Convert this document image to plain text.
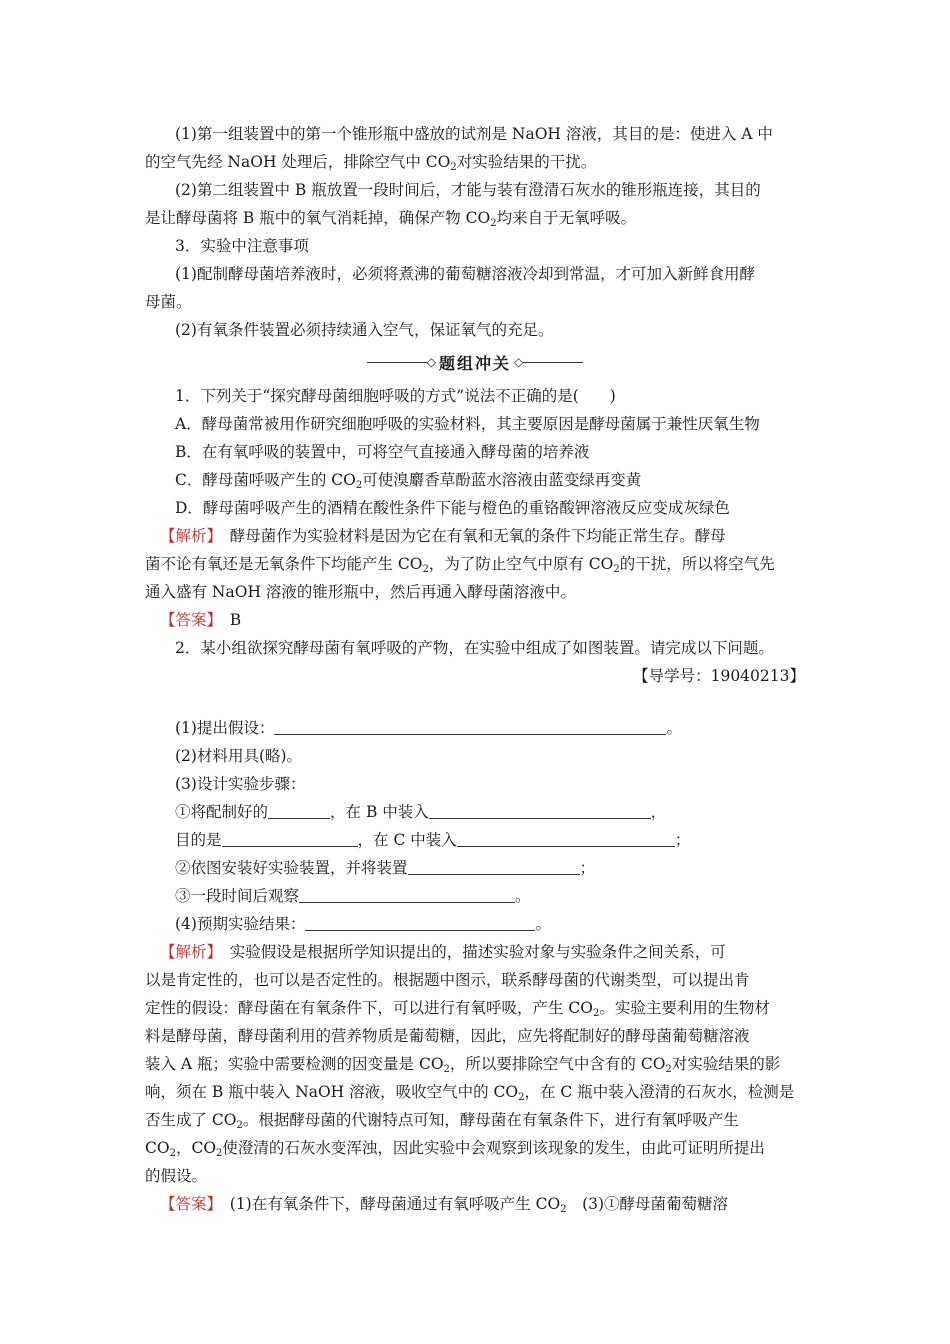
(1)第一组装置中的第一个锥形瓶中盛放的试剂是 NaOH 溶液，其目的是：使进入 A 中
的空气先经 NaOH 处理后，排除空气中 $CO_2$对实验结果的干扰。
(2)第二组装置中 B 瓶放置一段时间后，才能与装有澄清石灰水的锥形瓶连接，其目的
是让酵母菌将 B 瓶中的氧气消耗掉，确保产物 $CO_2$均来自于无氧呼吸。
3．实验中注意事项
(1)配制酵母菌培养液时，必须将煮沸的葡萄糖溶液冷却到常温，才可加入新鲜食用酵
母菌。
(2)有氧条件装置必须持续通入空气，保证氧气的充足。
◇ 题组冲关 ◇
1．下列关于“探究酵母菌细胞呼吸的方式”说法不正确的是(　　)
A．酵母菌常被用作研究细胞呼吸的实验材料，其主要原因是酵母菌属于兼性厌氧生物
B．在有氧呼吸的装置中，可将空气直接通入酵母菌的培养液
C．酵母菌呼吸产生的 $CO_2$可使溴麝香草酚蓝水溶液由蓝变绿再变黄
D．酵母菌呼吸产生的酒精在酸性条件下能与橙色的重铬酸钾溶液反应变成灰绿色
【解析】　酵母菌作为实验材料是因为它在有氧和无氧的条件下均能正常生存。酵母
菌不论有氧还是无氧条件下均能产生 $CO_2$，为了防止空气中原有 $CO_2$的干扰，所以将空气先
通入盛有 NaOH 溶液的锥形瓶中，然后再通入酵母菌溶液中。
【答案】　B
2．某小组欲探究酵母菌有氧呼吸的产物，在实验中组成了如图装置。请完成以下问题。
【导学号：19040213】
(1)提出假设：	。
(2)材料用具(略)。
(3)设计实验步骤：
①将配制好的	，在 B 中装入	，
目的是	，在 C 中装入	；
②依图安装好实验装置，并将装置	；
③一段时间后观察	。
(4)预期实验结果：	。
【解析】　实验假设是根据所学知识提出的，描述实验对象与实验条件之间关系，可
以是肯定性的，也可以是否定性的。根据题中图示，联系酵母菌的代谢类型，可以提出肯
定性的假设：酵母菌在有氧条件下，可以进行有氧呼吸，产生 $CO_2$。实验主要利用的生物材
料是酵母菌，酵母菌利用的营养物质是葡萄糖，因此，应先将配制好的酵母菌葡萄糖溶液
装入 A 瓶；实验中需要检测的因变量是 $CO_2$，所以要排除空气中含有的 $CO_2$对实验结果的影
响，须在 B 瓶中装入 NaOH 溶液，吸收空气中的 $CO_2$，在 C 瓶中装入澄清的石灰水，检测是
否生成了 $CO_2$。根据酵母菌的代谢特点可知，酵母菌在有氧条件下，进行有氧呼吸产生
$CO_2$，$CO_2$使澄清的石灰水变浑浊，因此实验中会观察到该现象的发生，由此可证明所提出
的假设。
【答案】　(1)在有氧条件下，酵母菌通过有氧呼吸产生 $CO_2$　(3)①酵母菌葡萄糖溶
